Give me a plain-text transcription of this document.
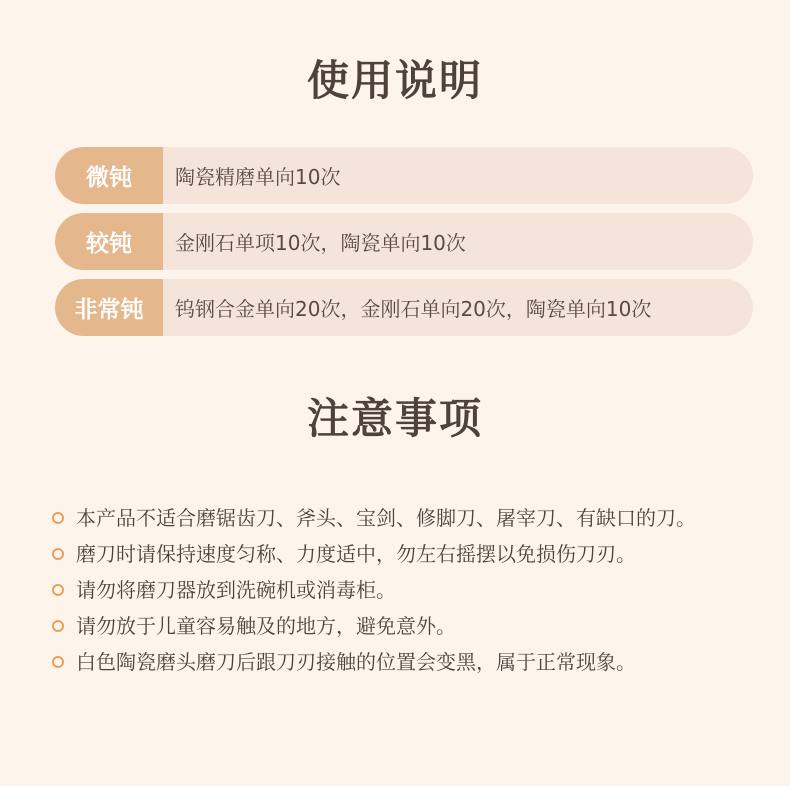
使用说明
微钝	陶瓷精磨单向10次
较钝	金刚石单项10次，陶瓷单向10次
非常钝	钨钢合金单向20次，金刚石单向20次，陶瓷单向10次
注意事项
本产品不适合磨锯齿刀、斧头、宝剑、修脚刀、屠宰刀、有缺口的刀。
磨刀时请保持速度匀称、力度适中，勿左右摇摆以免损伤刀刃。
请勿将磨刀器放到洗碗机或消毒柜。
请勿放于儿童容易触及的地方，避免意外。
白色陶瓷磨头磨刀后跟刀刃接触的位置会变黑，属于正常现象。
